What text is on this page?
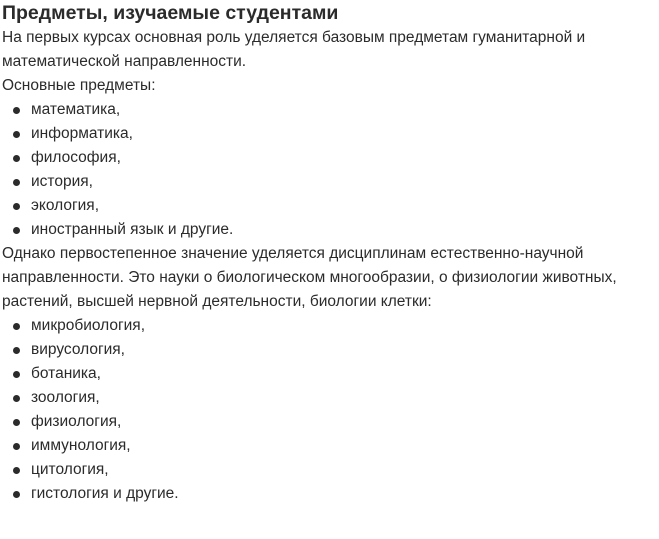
Предметы, изучаемые студентами

На первых курсах основная роль уделяется базовым предметам гуманитарной и
математической направленности.

Основные предметы:

математика,
информатика,
философия,
история,
экология,
иностранный язык и другие.

Однако первостепенное значение уделяется дисциплинам естественно-научной
направленности. Это науки о биологическом многообразии, о физиологии животных,
растений, высшей нервной деятельности, биологии клетки:

микробиология,
вирусология,
ботаника,
зоология,
физиология,
иммунология,
цитология,
гистология и другие.
